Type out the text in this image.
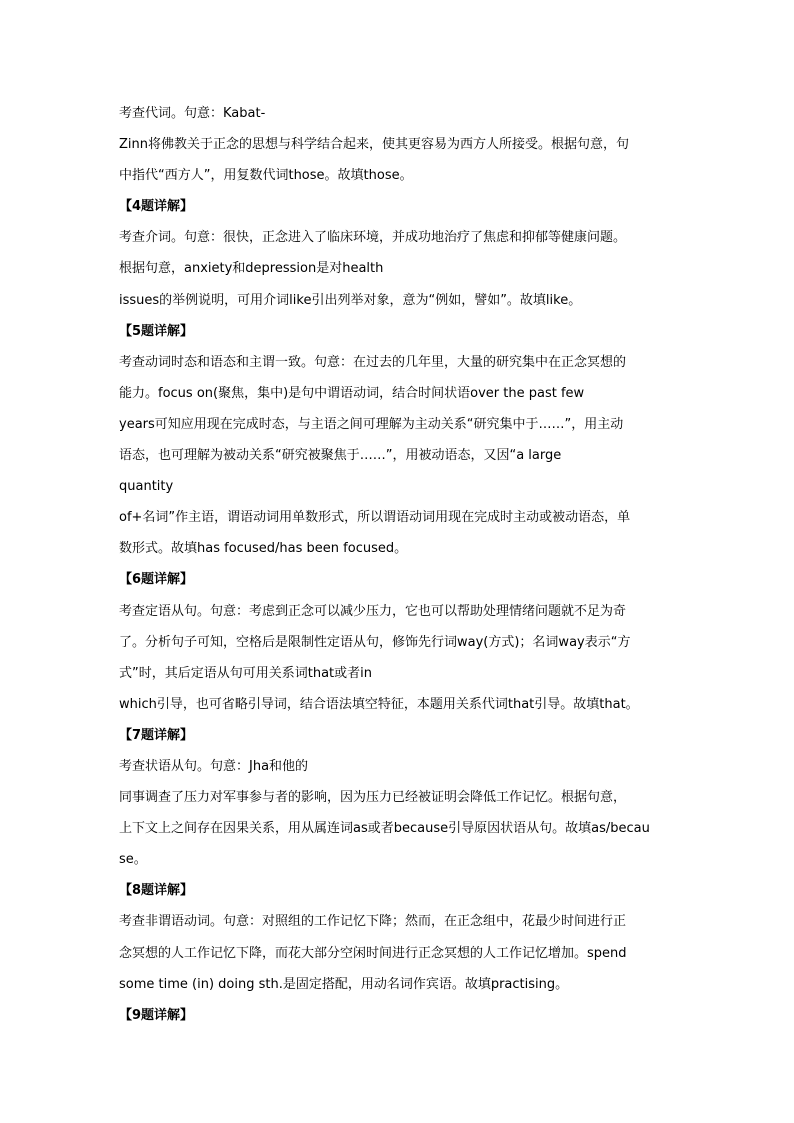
考查代词。句意：Kabat-
Zinn将佛教关于正念的思想与科学结合起来，使其更容易为西方人所接受。根据句意，句
中指代“西方人”，用复数代词those。故填those。
【4题详解】
考查介词。句意：很快，正念进入了临床环境，并成功地治疗了焦虑和抑郁等健康问题。
根据句意，anxiety和depression是对health
issues的举例说明，可用介词like引出列举对象，意为“例如，譬如”。故填like。
【5题详解】
考查动词时态和语态和主谓一致。句意：在过去的几年里，大量的研究集中在正念冥想的
能力。focus on(聚焦，集中)是句中谓语动词，结合时间状语over the past few
years可知应用现在完成时态，与主语之间可理解为主动关系“研究集中于……”，用主动
语态，也可理解为被动关系“研究被聚焦于……”，用被动语态，又因“a large
quantity
of+名词”作主语，谓语动词用单数形式，所以谓语动词用现在完成时主动或被动语态，单
数形式。故填has focused/has been focused。
【6题详解】
考查定语从句。句意：考虑到正念可以减少压力，它也可以帮助处理情绪问题就不足为奇
了。分析句子可知，空格后是限制性定语从句，修饰先行词way(方式)；名词way表示“方
式”时，其后定语从句可用关系词that或者in
which引导，也可省略引导词，结合语法填空特征，本题用关系代词that引导。故填that。
【7题详解】
考查状语从句。句意：Jha和他的
同事调查了压力对军事参与者的影响，因为压力已经被证明会降低工作记忆。根据句意，
上下文上之间存在因果关系，用从属连词as或者because引导原因状语从句。故填as/becau
se。
【8题详解】
考查非谓语动词。句意：对照组的工作记忆下降；然而，在正念组中，花最少时间进行正
念冥想的人工作记忆下降，而花大部分空闲时间进行正念冥想的人工作记忆增加。spend
some time (in) doing sth.是固定搭配，用动名词作宾语。故填practising。
【9题详解】
